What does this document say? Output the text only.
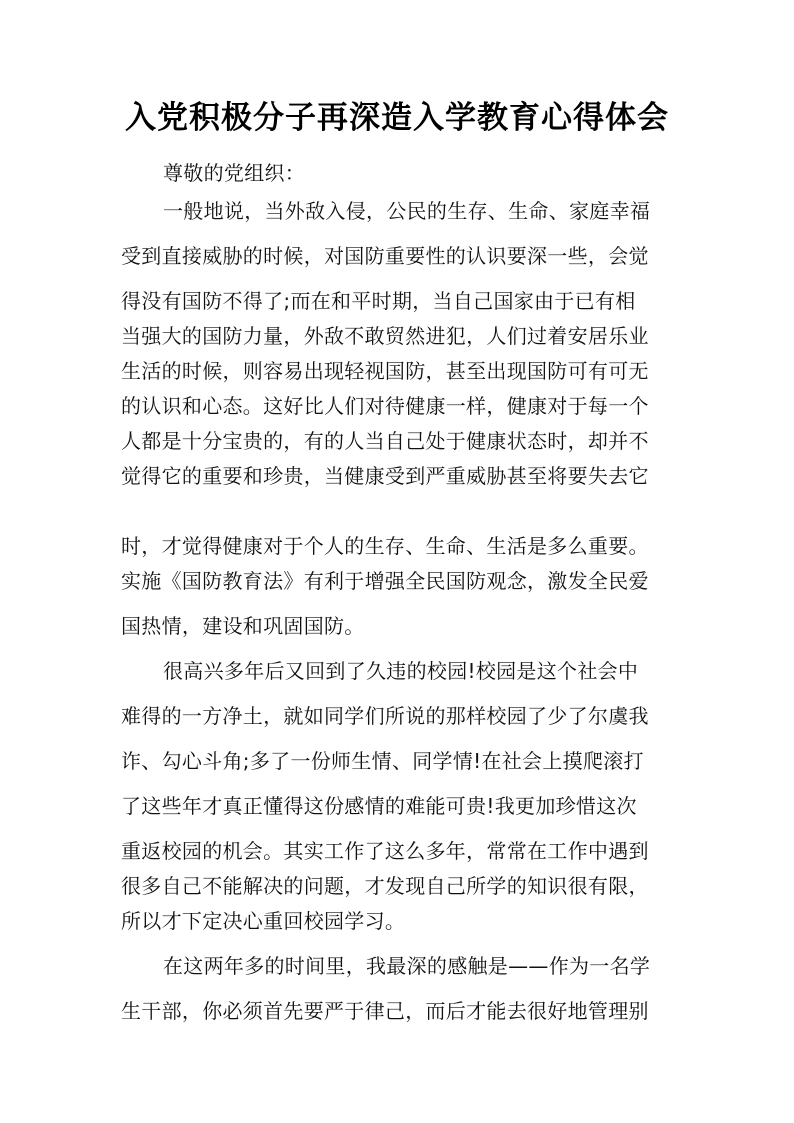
入党积极分子再深造入学教育心得体会

尊敬的党组织：

一般地说，当外敌入侵，公民的生存、生命、家庭幸福

受到直接威胁的时候，对国防重要性的认识要深一些，会觉

得没有国防不得了;而在和平时期，当自己国家由于已有相

当强大的国防力量，外敌不敢贸然进犯，人们过着安居乐业

生活的时候，则容易出现轻视国防，甚至出现国防可有可无

的认识和心态。这好比人们对待健康一样，健康对于每一个

人都是十分宝贵的，有的人当自己处于健康状态时，却并不

觉得它的重要和珍贵，当健康受到严重威胁甚至将要失去它

时，才觉得健康对于个人的生存、生命、生活是多么重要。

实施《国防教育法》有利于增强全民国防观念，激发全民爱

国热情，建设和巩固国防。

很高兴多年后又回到了久违的校园!校园是这个社会中

难得的一方净土，就如同学们所说的那样校园了少了尔虞我

诈、勾心斗角;多了一份师生情、同学情!在社会上摸爬滚打

了这些年才真正懂得这份感情的难能可贵!我更加珍惜这次

重返校园的机会。其实工作了这么多年，常常在工作中遇到

很多自己不能解决的问题，才发现自己所学的知识很有限，

所以才下定决心重回校园学习。

在这两年多的时间里，我最深的感触是——作为一名学

生干部，你必须首先要严于律己，而后才能去很好地管理别
